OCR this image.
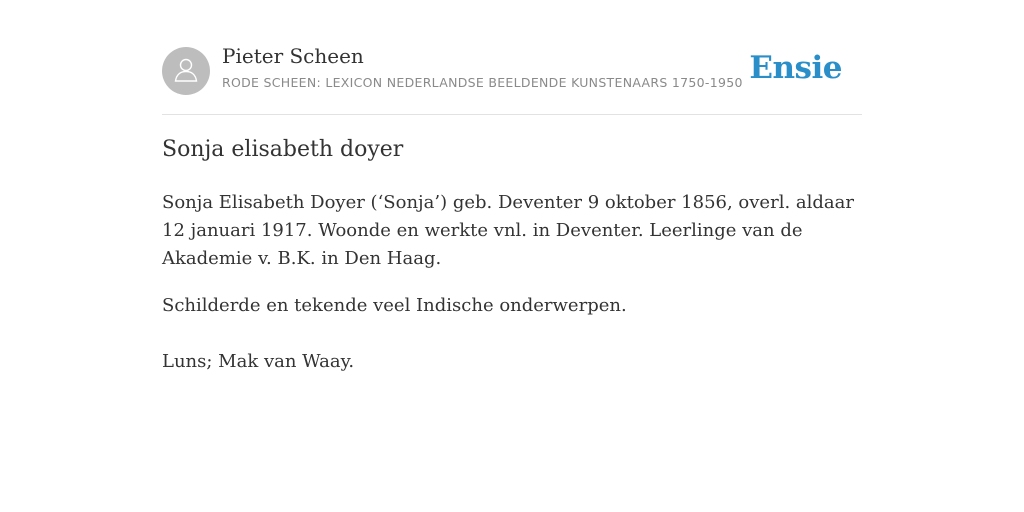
Pieter Scheen
RODE SCHEEN: LEXICON NEDERLANDSE BEELDENDE KUNSTENAARS 1750-1950 Ensie
Sonja elisabeth doyer

Sonja Elisabeth Doyer (‘Sonja’) geb. Deventer 9 oktober 1856, overl. aldaar 12 januari 1917. Woonde en werkte vnl. in Deventer. Leerlinge van de Akademie v. B.K. in Den Haag.

Schilderde en tekende veel Indische onderwerpen.

Luns; Mak van Waay.
